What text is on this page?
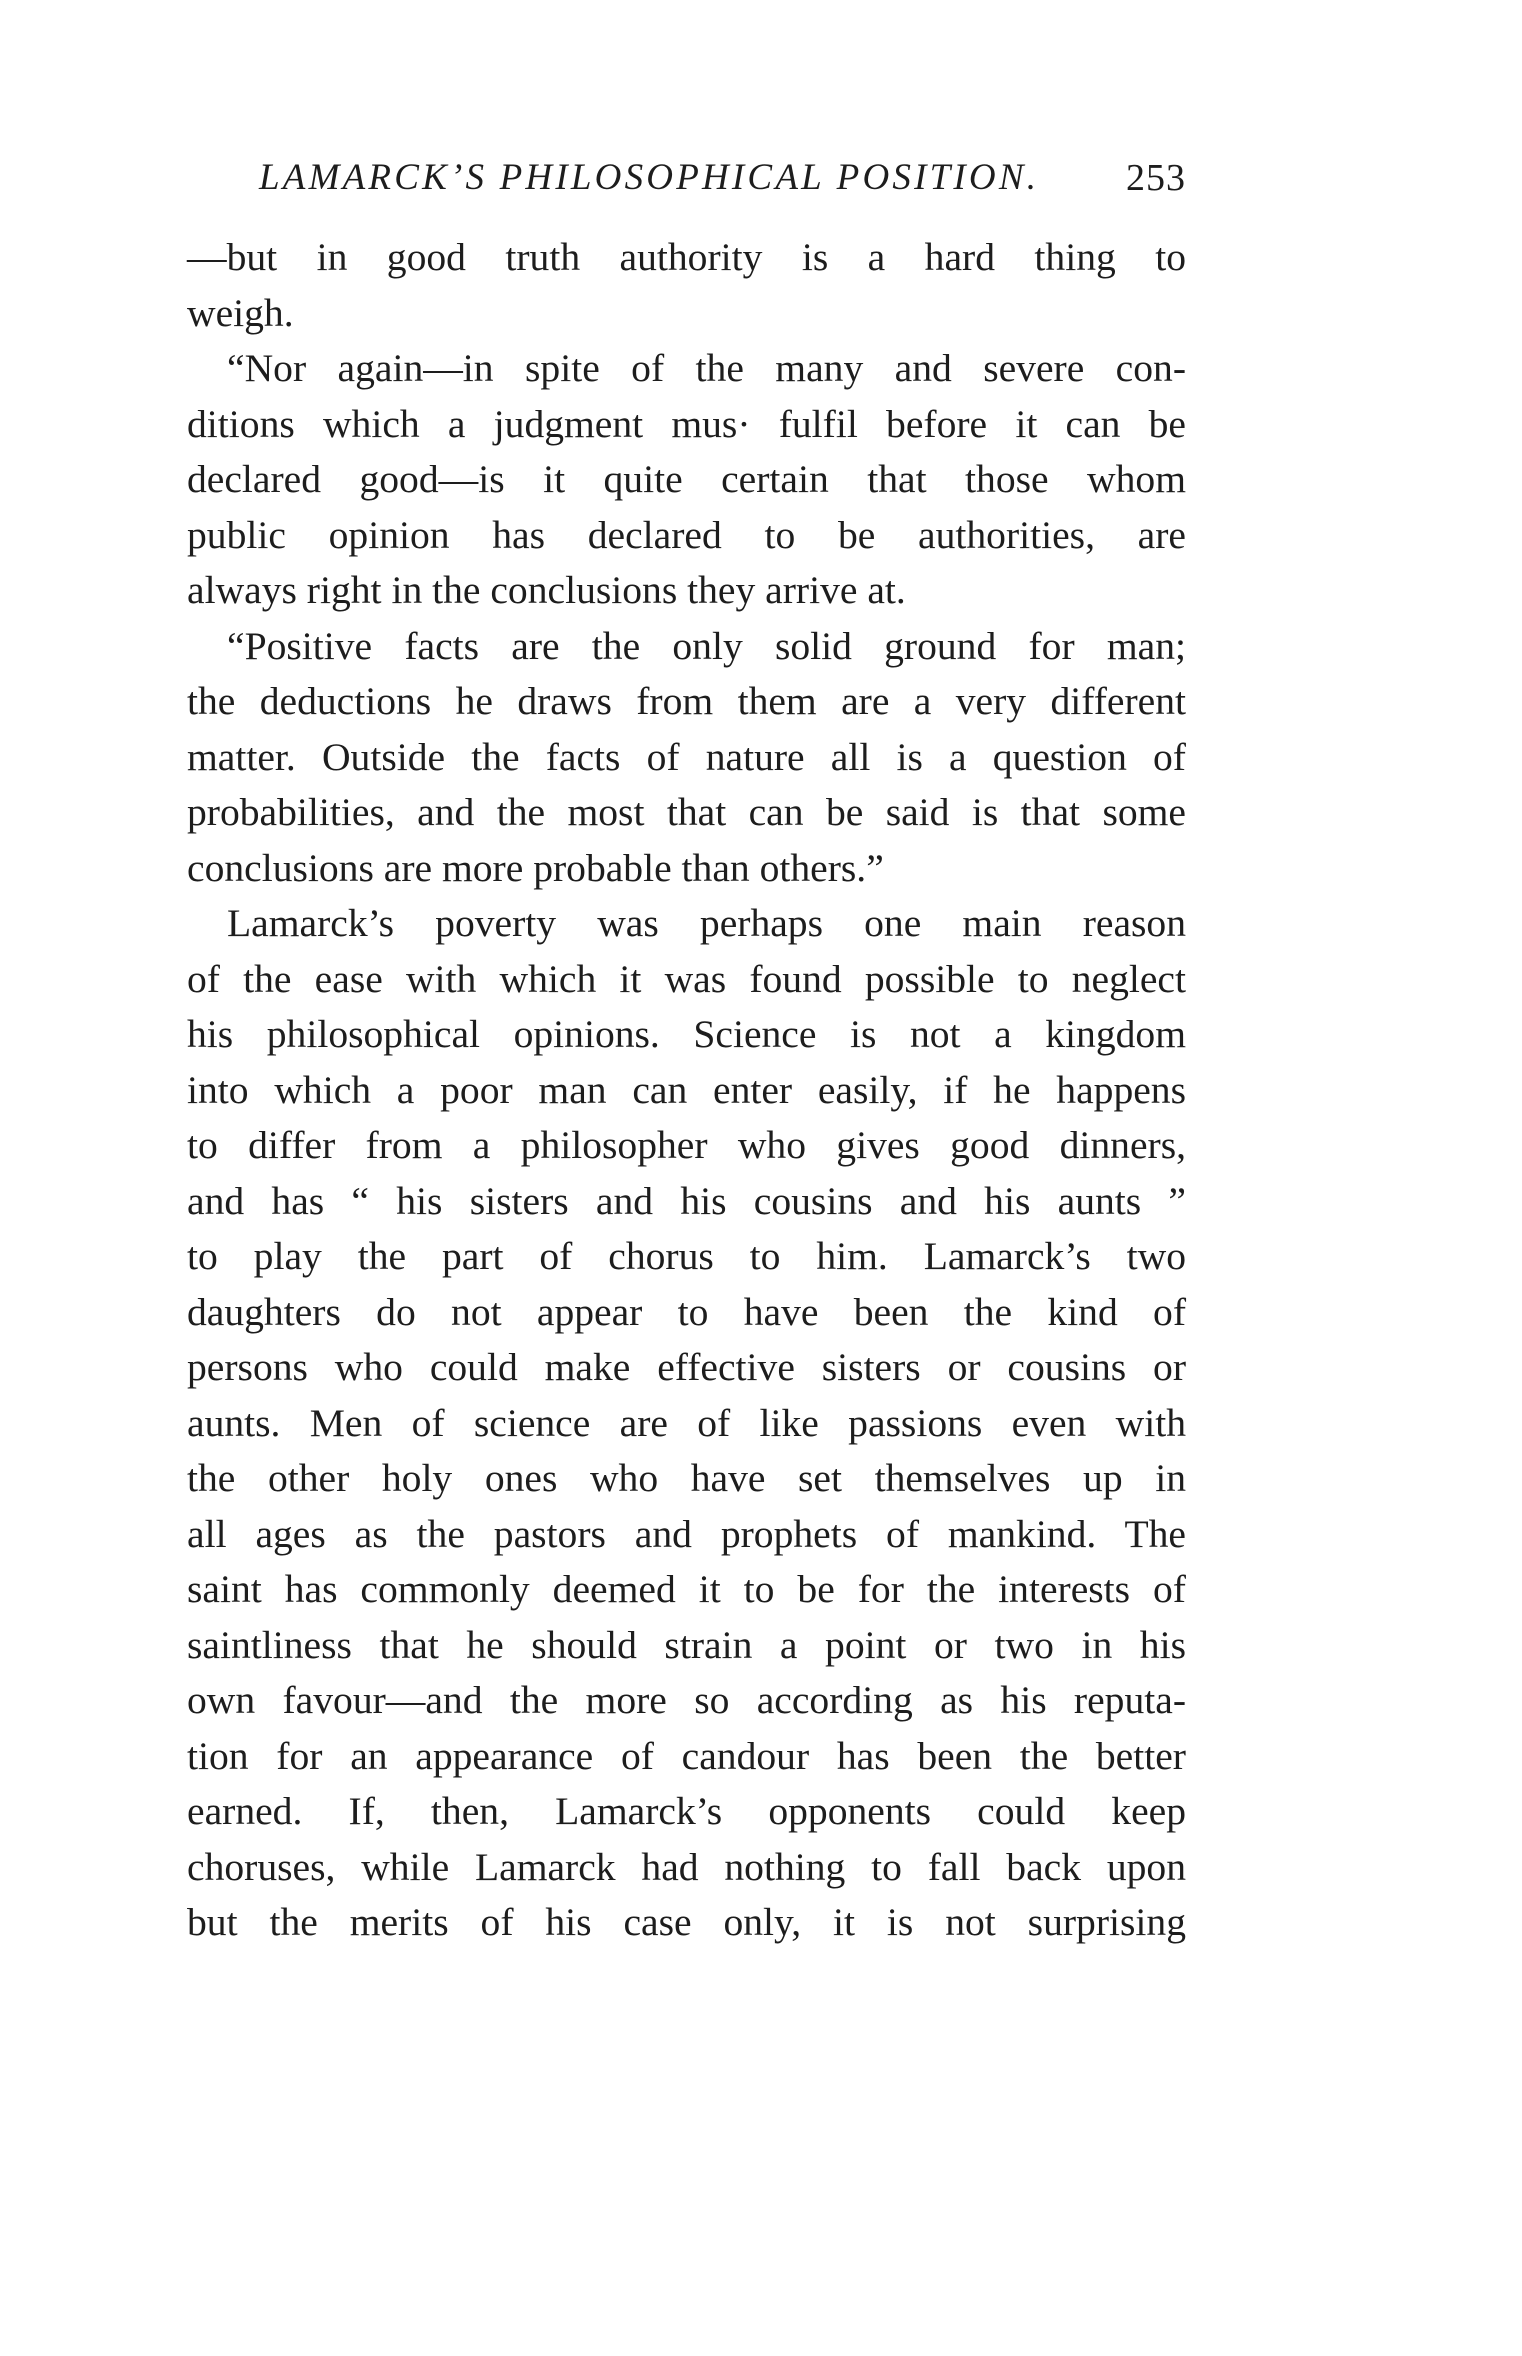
LAMARCK’S PHILOSOPHICAL POSITION. 253
—but in good truth authority is a hard thing to
weigh.
“Nor again—in spite of the many and severe con-
ditions which a judgment mus· fulfil before it can be
declared good—is it quite certain that those whom
public opinion has declared to be authorities, are
always right in the conclusions they arrive at.
“Positive facts are the only solid ground for man;
the deductions he draws from them are a very different
matter. Outside the facts of nature all is a question of
probabilities, and the most that can be said is that some
conclusions are more probable than others.”
Lamarck’s poverty was perhaps one main reason
of the ease with which it was found possible to neglect
his philosophical opinions. Science is not a kingdom
into which a poor man can enter easily, if he happens
to differ from a philosopher who gives good dinners,
and has “ his sisters and his cousins and his aunts ”
to play the part of chorus to him. Lamarck’s two
daughters do not appear to have been the kind of
persons who could make effective sisters or cousins or
aunts. Men of science are of like passions even with
the other holy ones who have set themselves up in
all ages as the pastors and prophets of mankind. The
saint has commonly deemed it to be for the interests of
saintliness that he should strain a point or two in his
own favour—and the more so according as his reputa-
tion for an appearance of candour has been the better
earned. If, then, Lamarck’s opponents could keep
choruses, while Lamarck had nothing to fall back upon
but the merits of his case only, it is not surprising
